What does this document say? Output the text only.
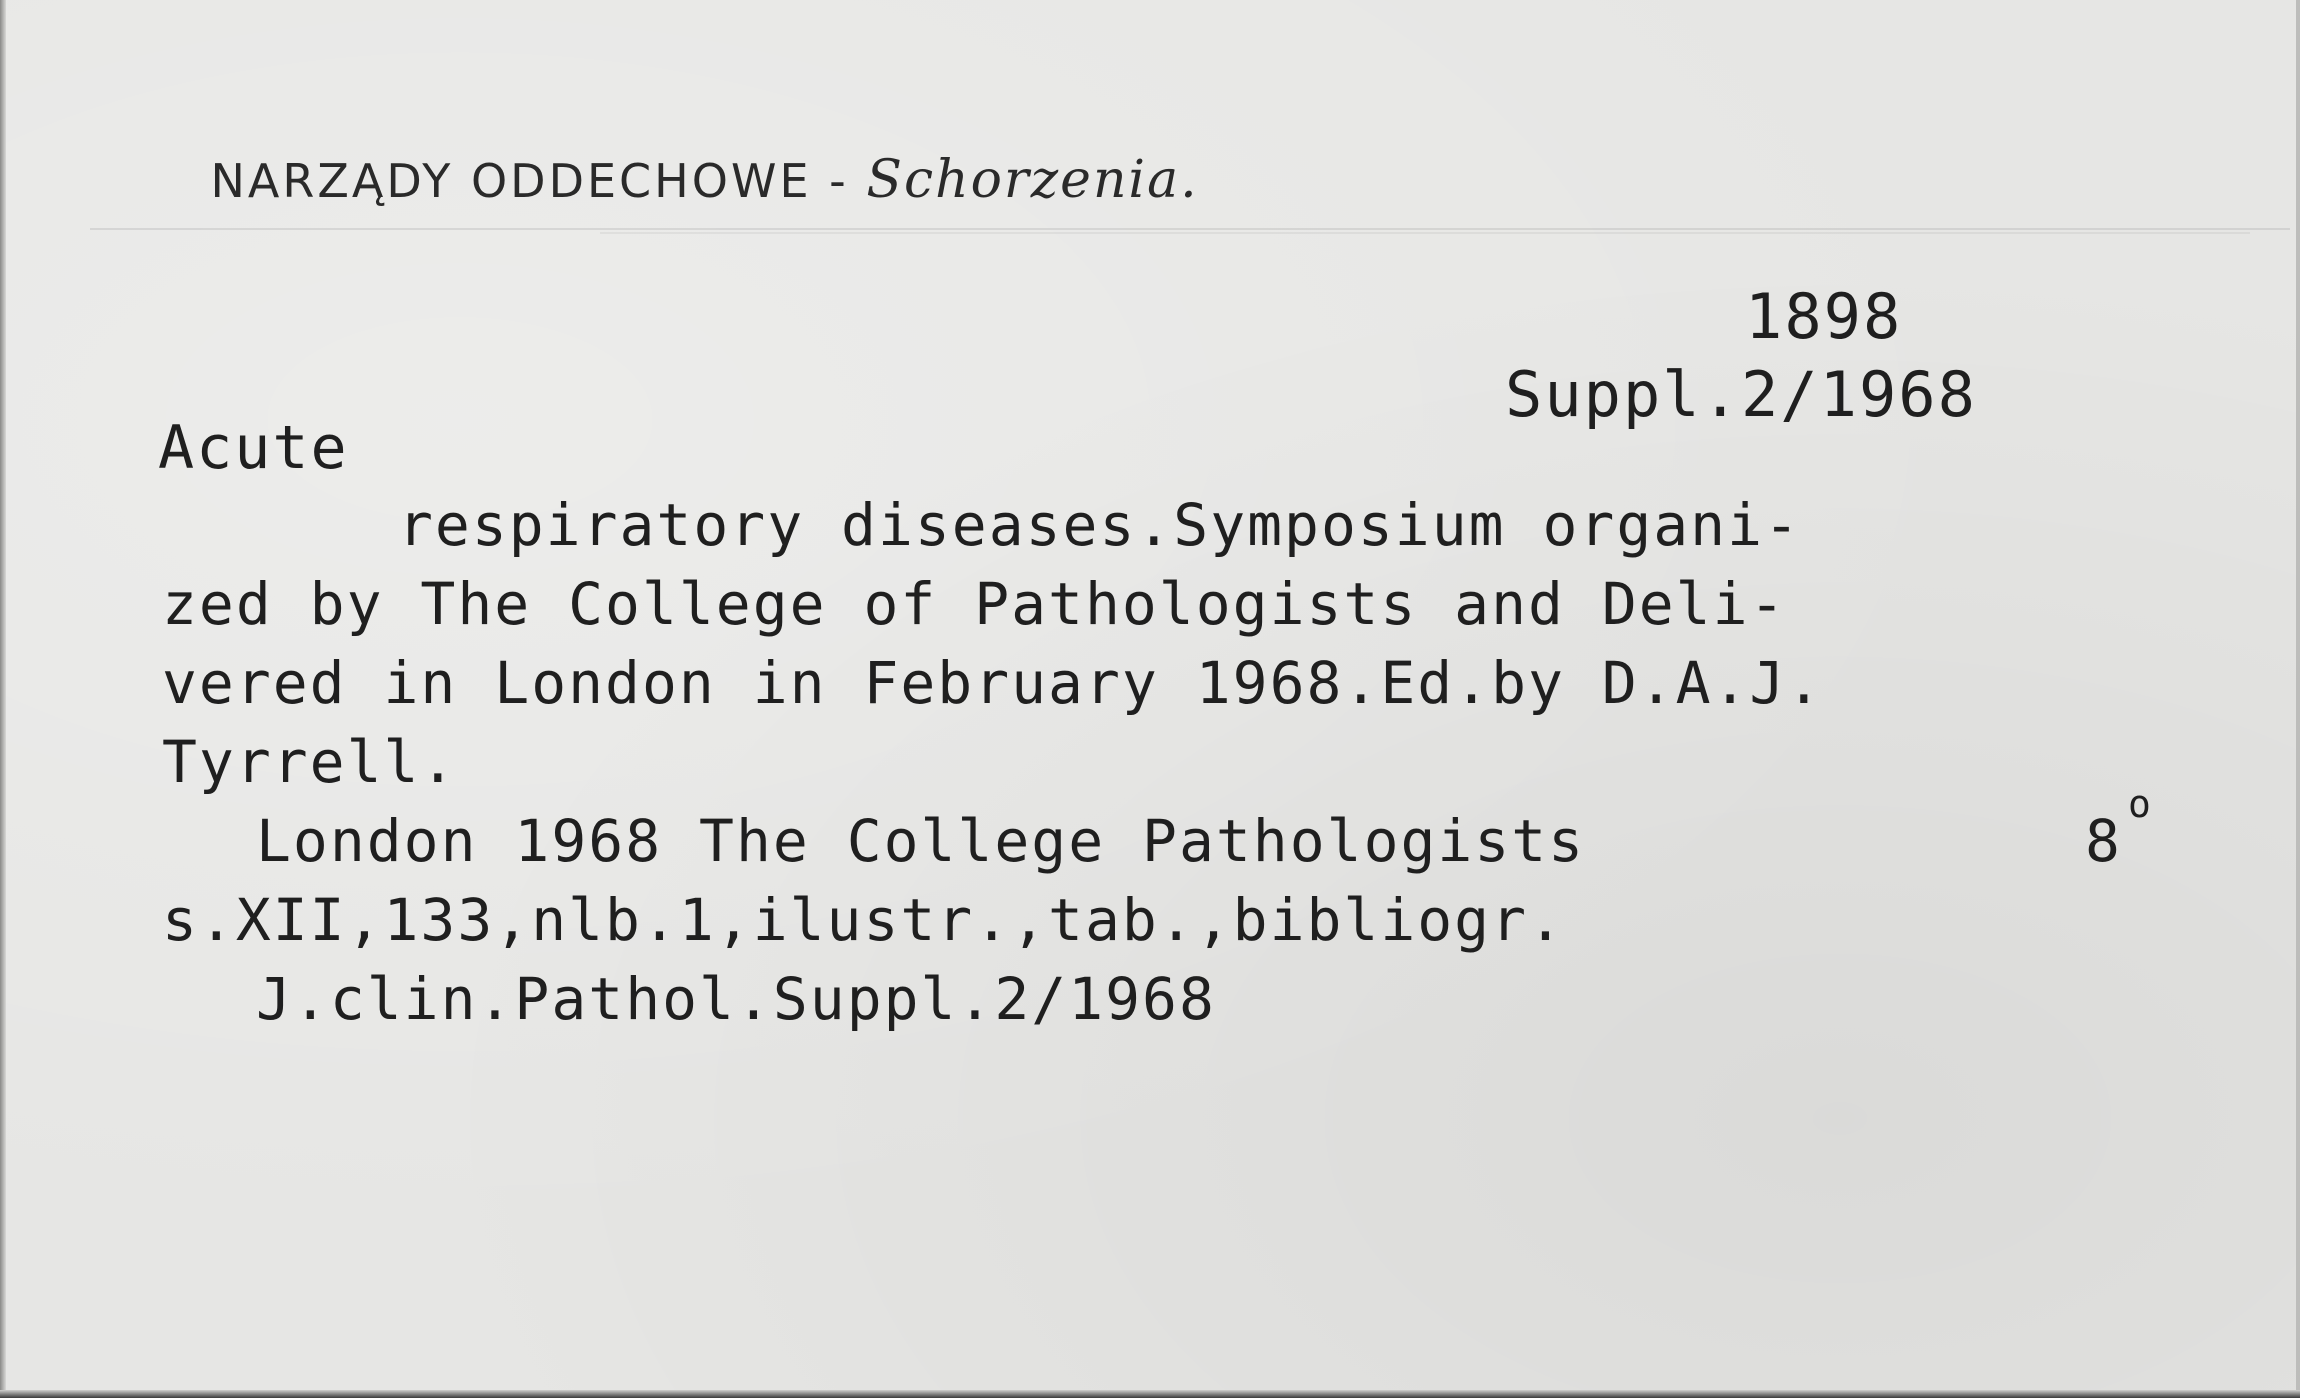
NARZĄDY ODDECHOWE - Schorzenia.

1898
Suppl.2/1968
Acute
respiratory diseases.Symposium organi-
zed by The College of Pathologists and Deli-
vered in London in February 1968.Ed.by D.A.J.
Tyrrell.
London 1968 The College Pathologists	8
o
s.XII,133,nlb.1,ilustr.,tab.,bibliogr.
J.clin.Pathol.Suppl.2/1968
